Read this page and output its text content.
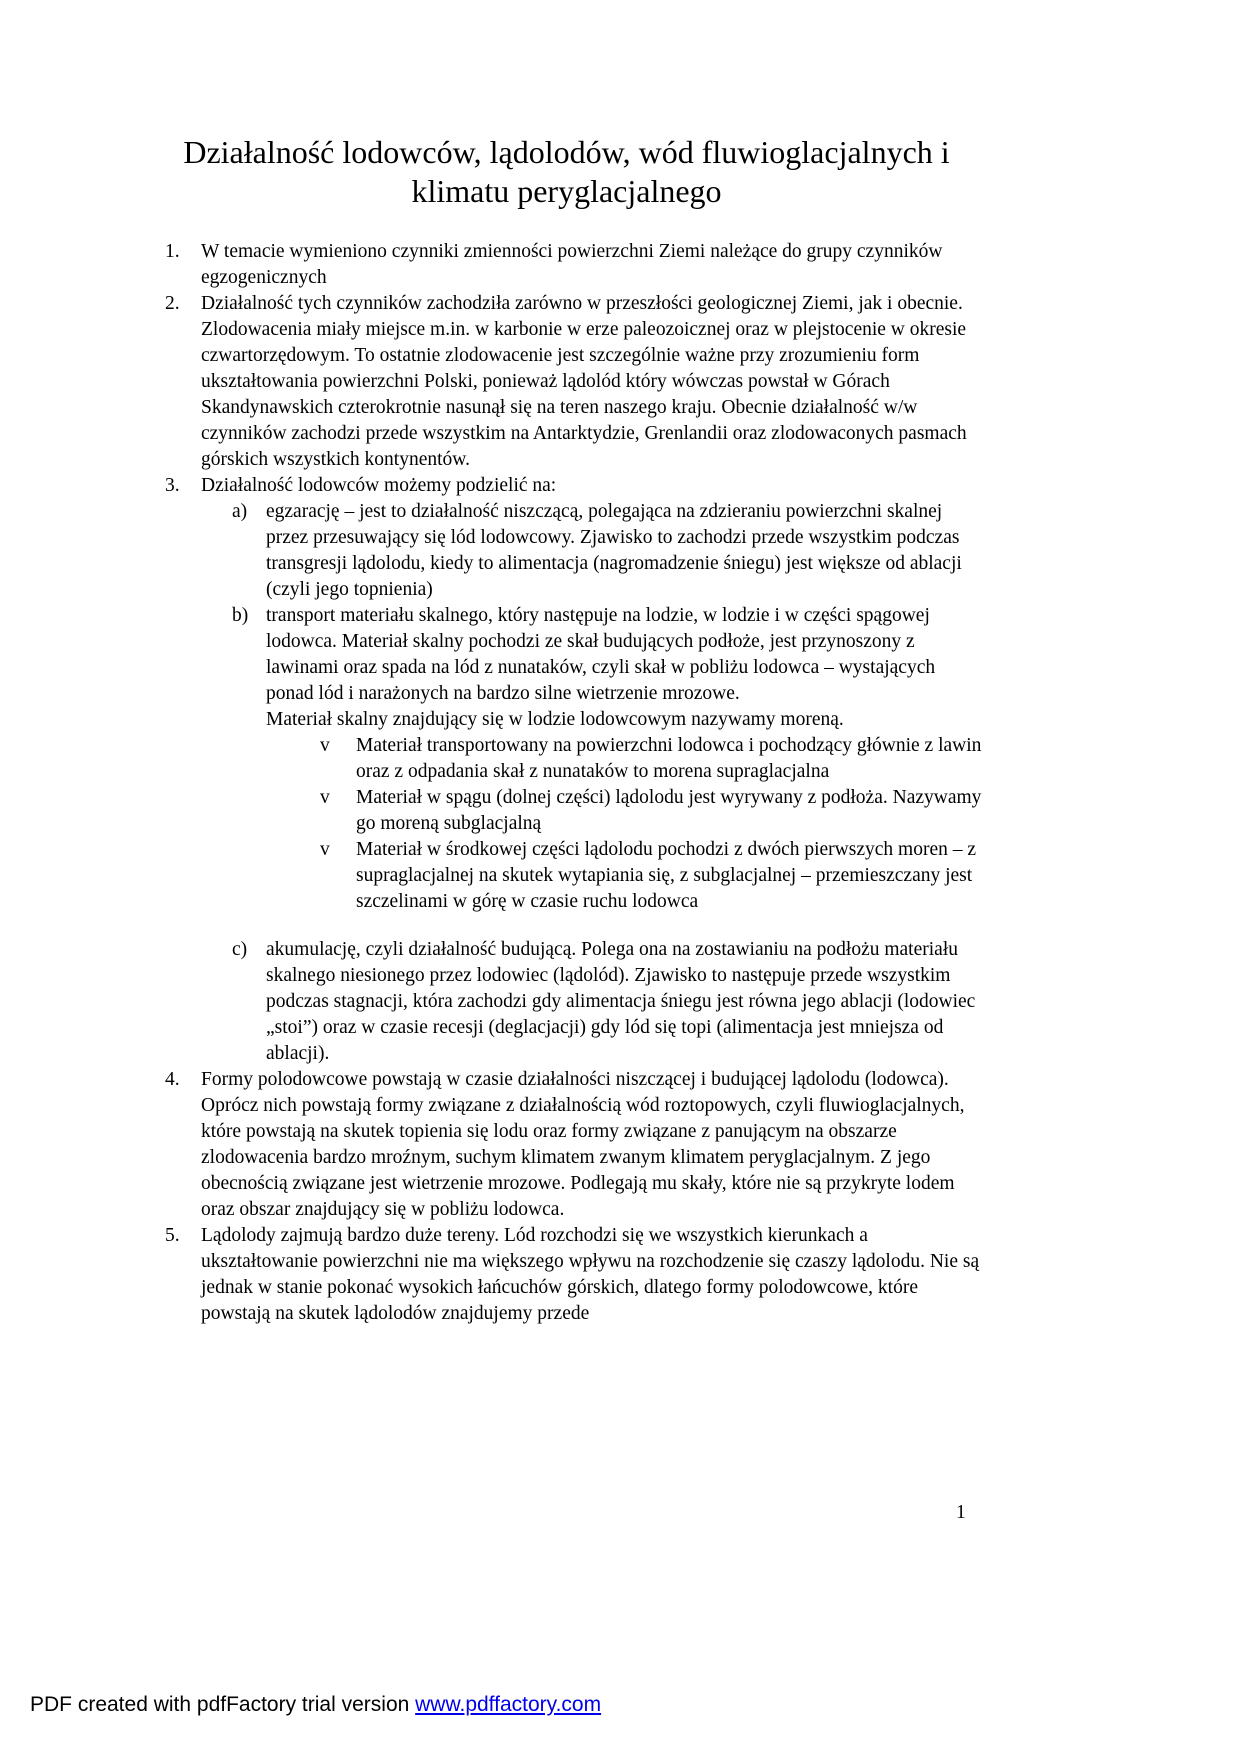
Działalność lodowców, lądolodów, wód fluwioglacjalnych i klimatu peryglacjalnego
1.	W temacie wymieniono czynniki zmienności powierzchni Ziemi należące do grupy czynników egzogenicznych
2.	Działalność tych czynników zachodziła zarówno w przeszłości geologicznej Ziemi, jak i obecnie. Zlodowacenia miały miejsce m.in. w karbonie w erze paleozoicznej oraz w plejstocenie w okresie czwartorzędowym. To ostatnie zlodowacenie jest szczególnie ważne przy zrozumieniu form ukształtowania powierzchni Polski, ponieważ lądolód który wówczas powstał w Górach Skandynawskich czterokrotnie nasunął się na teren naszego kraju. Obecnie działalność w/w czynników zachodzi przede wszystkim na Antarktydzie, Grenlandii oraz zlodowaconych pasmach górskich wszystkich kontynentów.
3.	Działalność lodowców możemy podzielić na:
a) egzarację – jest to działalność niszczącą, polegająca na zdzieraniu powierzchni skalnej przez przesuwający się lód lodowcowy. Zjawisko to zachodzi przede wszystkim podczas transgresji lądolodu, kiedy to alimentacja (nagromadzenie śniegu) jest większe od ablacji (czyli jego topnienia)
b) transport materiału skalnego, który następuje na lodzie, w lodzie i w części spągowej lodowca. Materiał skalny pochodzi ze skał budujących podłoże, jest przynoszony z lawinami oraz spada na lód z nunataków, czyli skał w pobliżu lodowca – wystających ponad lód i narażonych na bardzo silne wietrzenie mrozowe.
Materiał skalny znajdujący się w lodzie lodowcowym nazywamy moreną.
v	Materiał transportowany na powierzchni lodowca i pochodzący głównie z lawin oraz z odpadania skał z nunataków to morena supraglacjalna
v	Materiał w spągu (dolnej części) lądolodu jest wyrywany z podłoża. Nazywamy go moreną subglacjalną
v	Materiał w środkowej części lądolodu pochodzi z dwóch pierwszych moren – z supraglacjalnej na skutek wytapiania się, z subglacjalnej – przemieszczany jest szczelinami w górę w czasie ruchu lodowca
c) akumulację, czyli działalność budującą. Polega ona na zostawianiu na podłożu materiału skalnego niesionego przez lodowiec (lądolód). Zjawisko to następuje przede wszystkim podczas stagnacji, która zachodzi gdy alimentacja śniegu jest równa jego ablacji (lodowiec „stoi”) oraz w czasie recesji (deglacjacji) gdy lód się topi (alimentacja jest mniejsza od ablacji).
4.	Formy polodowcowe powstają w czasie działalności niszczącej i budującej lądolodu (lodowca). Oprócz nich powstają formy związane z działalnością wód roztopowych, czyli fluwioglacjalnych, które powstają na skutek topienia się lodu oraz formy związane z panującym na obszarze zlodowacenia bardzo mroźnym, suchym klimatem zwanym klimatem peryglacjalnym. Z jego obecnością związane jest wietrzenie mrozowe. Podlegają mu skały, które nie są przykryte lodem oraz obszar znajdujący się w pobliżu lodowca.
5.	Lądolody zajmują bardzo duże tereny. Lód rozchodzi się we wszystkich kierunkach a ukształtowanie powierzchni nie ma większego wpływu na rozchodzenie się czaszy lądolodu. Nie są jednak w stanie pokonać wysokich łańcuchów górskich, dlatego formy polodowcowe, które powstają na skutek lądolodów znajdujemy przede
1
PDF created with pdfFactory trial version www.pdffactory.com
